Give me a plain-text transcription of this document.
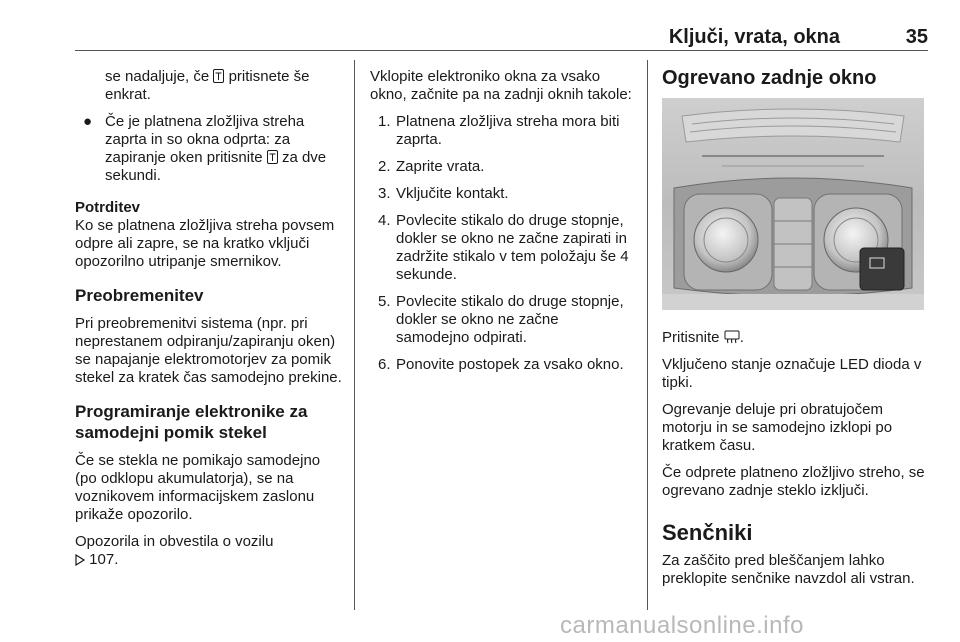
Ključi, vrata, okna	35

se nadaljuje, če pritisnete še enkrat.

● Če je platnena zložljiva streha zaprta in so okna odprta: za zapiranje oken pritisnite za dve sekundi.

Potrditev

Ko se platnena zložljiva streha povsem odpre ali zapre, se na kratko vključi opozorilno utripanje smernikov.

Preobremenitev

Pri preobremenitvi sistema (npr. pri neprestanem odpiranju/zapiranju oken) se napajanje elektromotorjev za pomik stekel za kratek čas samodejno prekine.

Programiranje elektronike za samodejni pomik stekel

Če se stekla ne pomikajo samodejno (po odklopu akumulatorja), se na voznikovem informacijskem zaslonu prikaže opozorilo.

Opozorila in obvestila o vozilu
107.

Vklopite elektroniko okna za vsako okno, začnite pa na zadnji oknih takole:

1. Platnena zložljiva streha mora biti zaprta.
2. Zaprite vrata.
3. Vključite kontakt.
4. Povlecite stikalo do druge stopnje, dokler se okno ne začne zapirati in zadržite stikalo v tem položaju še 4 sekunde.
5. Povlecite stikalo do druge stopnje, dokler se okno ne začne samodejno odpirati.
6. Ponovite postopek za vsako okno.
Ogrevano zadnje okno

Pritisnite .

Vključeno stanje označuje LED dioda v tipki.

Ogrevanje deluje pri obratujočem motorju in se samodejno izklopi po kratkem času.

Če odprete platneno zložljivo streho, se ogrevano zadnje steklo izključi.

Senčniki

Za zaščito pred bleščanjem lahko preklopite senčnike navzdol ali vstran.

carmanualsonline.info
